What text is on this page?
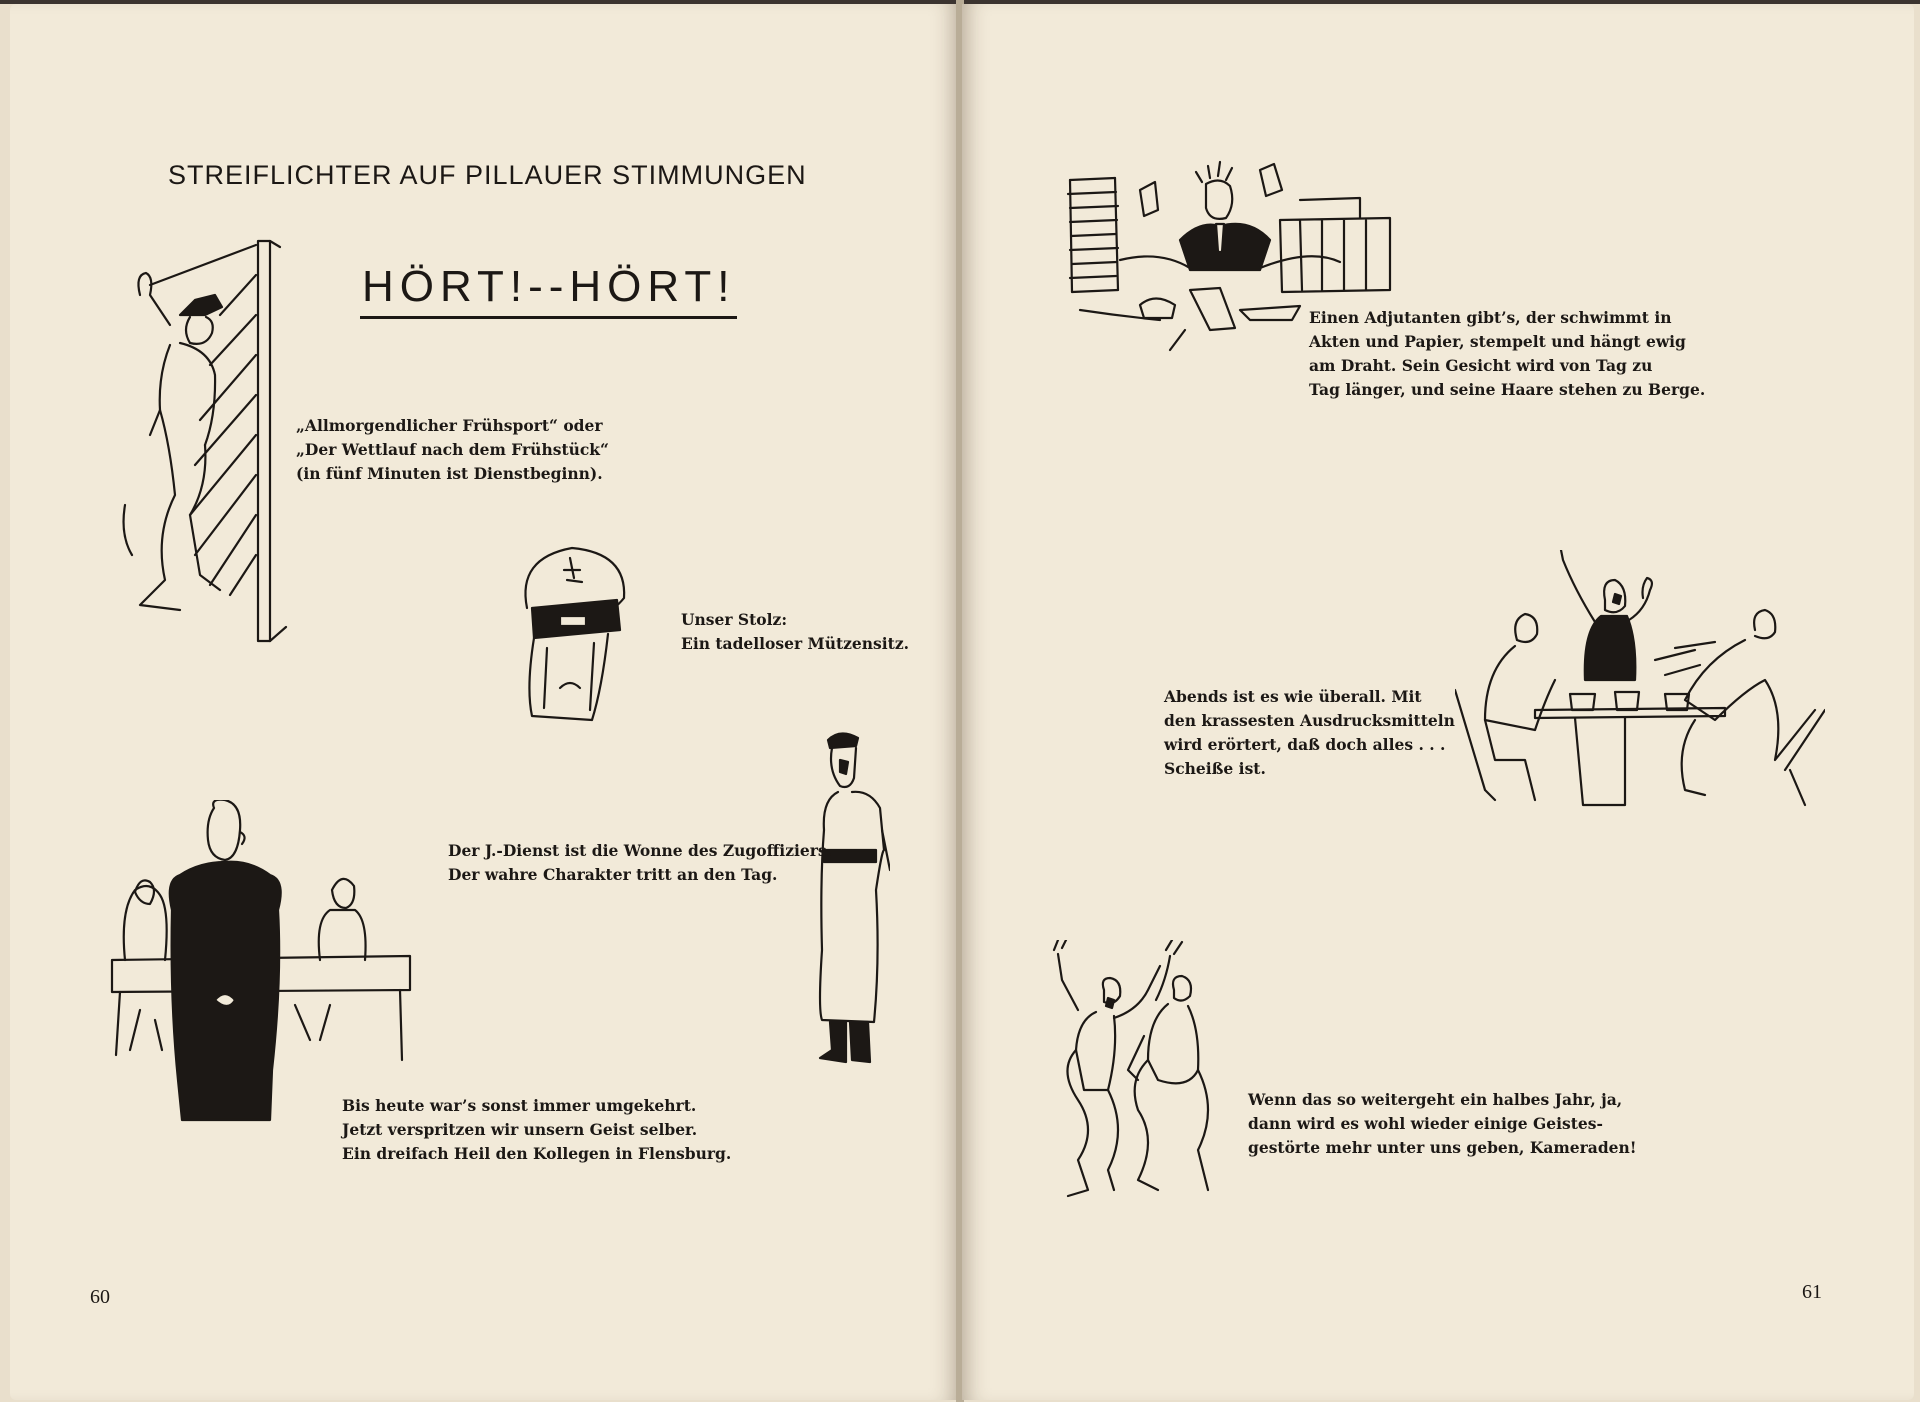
STREIFLICHTER AUF PILLAUER STIMMUNGEN
HÖRT!--HÖRT!
„Allmorgendlicher Frühsport“ oder
„Der Wettlauf nach dem Frühstück“
(in fünf Minuten ist Dienstbeginn).
Unser Stolz:
Ein tadelloser Mützensitz.
Der J.-Dienst ist die Wonne des Zugoffiziers.
Der wahre Charakter tritt an den Tag.
Bis heute war’s sonst immer umgekehrt.
Jetzt verspritzen wir unsern Geist selber.
Ein dreifach Heil den Kollegen in Flensburg.
60
Einen Adjutanten gibt’s, der schwimmt in
Akten und Papier, stempelt und hängt ewig
am Draht. Sein Gesicht wird von Tag zu
Tag länger, und seine Haare stehen zu Berge.
Abends ist es wie überall. Mit
den krassesten Ausdrucksmitteln
wird erörtert, daß doch alles . . .
Scheiße ist.
Wenn das so weitergeht ein halbes Jahr, ja,
dann wird es wohl wieder einige Geistes-
gestörte mehr unter uns geben, Kameraden!
61
